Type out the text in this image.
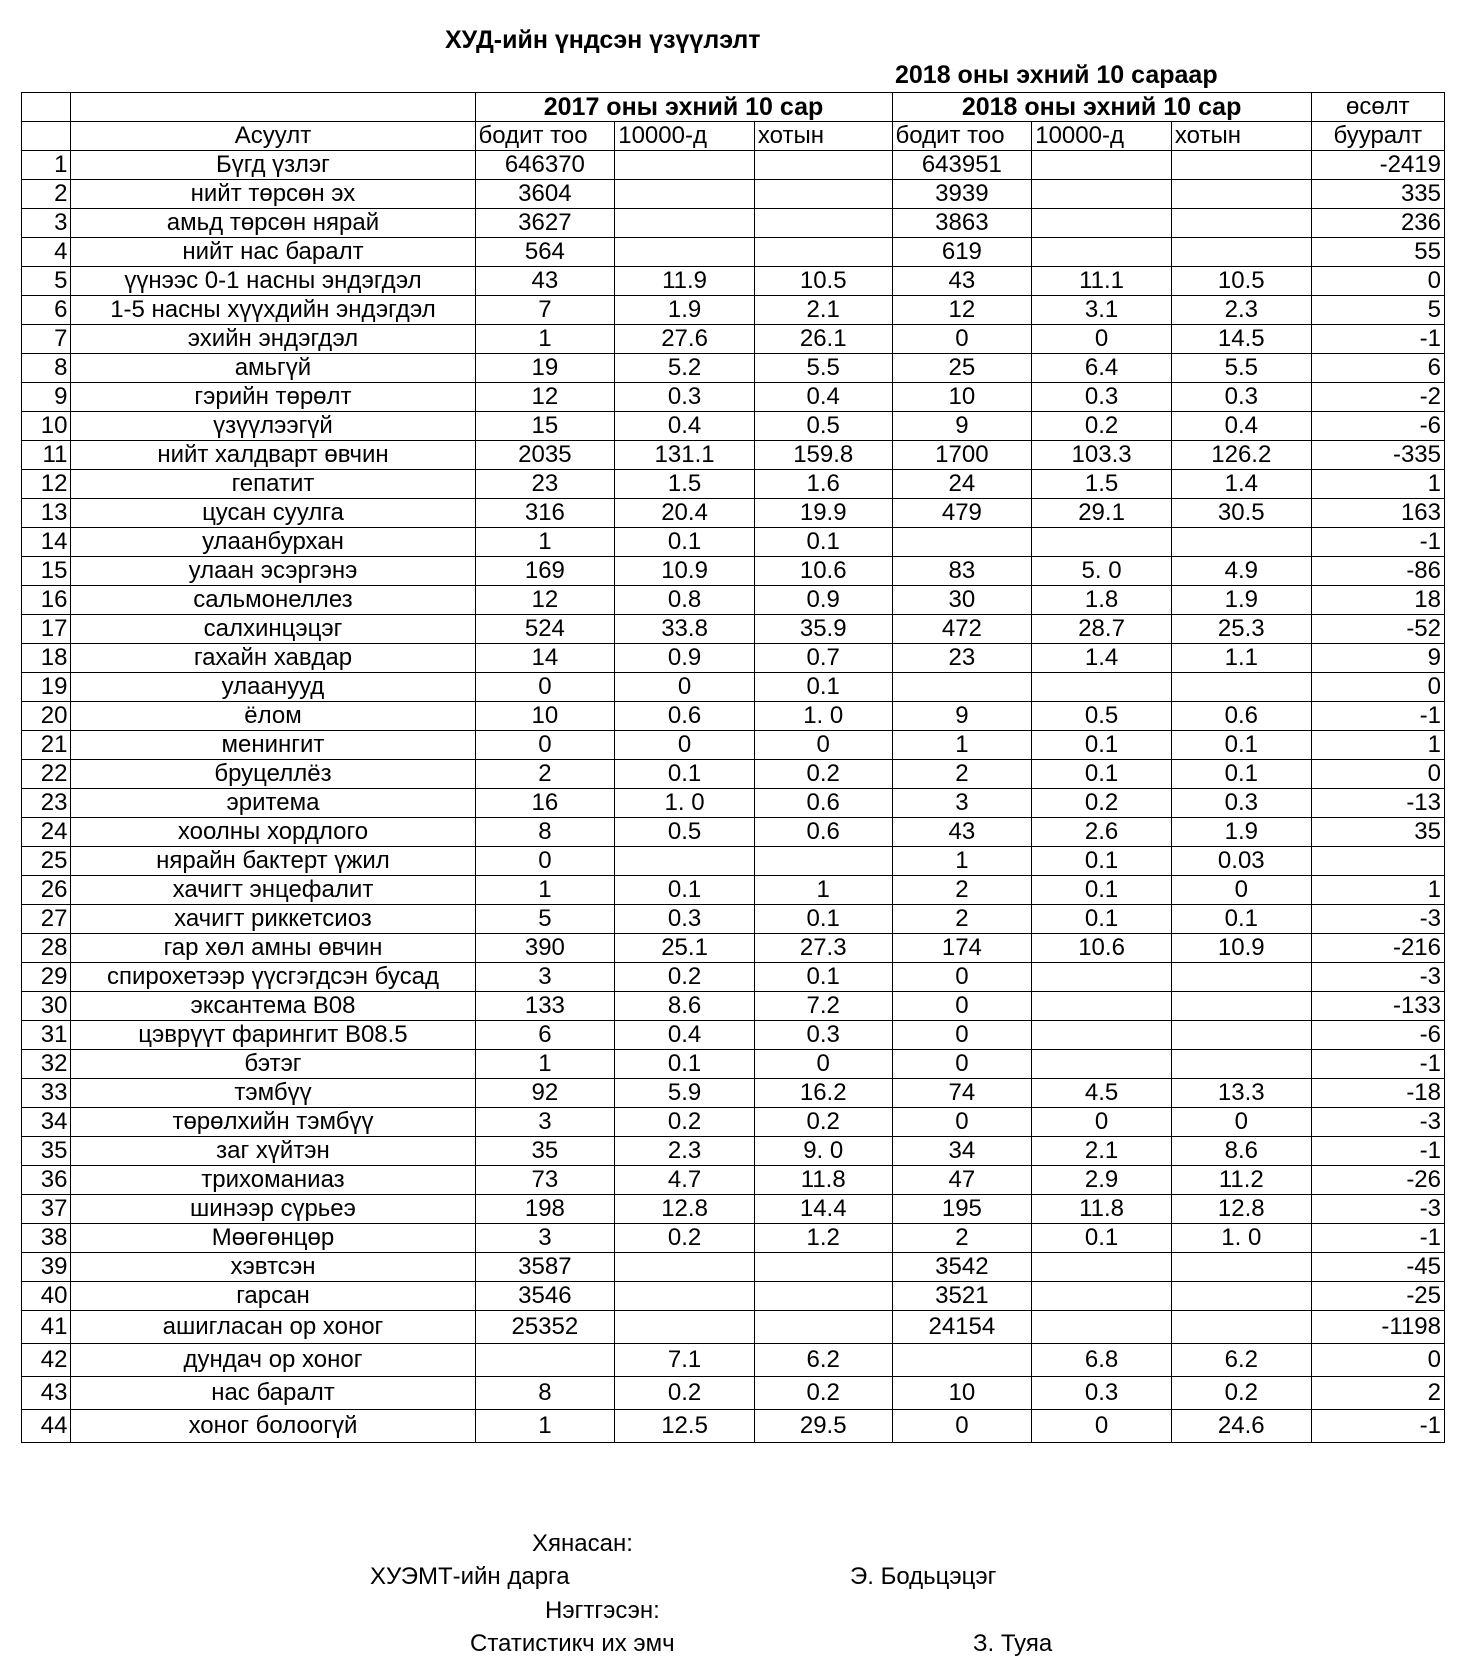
ХУД-ийн үндсэн үзүүлэлт
2018 оны эхний 10 сараар
		2017 оны эхний 10 сар			2018 оны эхний 10 сар			өсөлт
	Асуулт	бодит тоо	10000-д	хотын	бодит тоо	10000-д	хотын	бууралт
1	Бүгд үзлэг	646370			643951			-2419
2	нийт төрсөн эх	3604			3939			335
3	амьд төрсөн нярай	3627			3863			236
4	нийт нас баралт	564			619			55
5	үүнээс 0-1 насны эндэгдэл	43	11.9	10.5	43	11.1	10.5	0
6	1-5 насны хүүхдийн эндэгдэл	7	1.9	2.1	12	3.1	2.3	5
7	эхийн эндэгдэл	1	27.6	26.1	0	0	14.5	-1
8	амьгүй	19	5.2	5.5	25	6.4	5.5	6
9	гэрийн төрөлт	12	0.3	0.4	10	0.3	0.3	-2
10	үзүүлээгүй	15	0.4	0.5	9	0.2	0.4	-6
11	нийт халдварт өвчин	2035	131.1	159.8	1700	103.3	126.2	-335
12	гепатит	23	1.5	1.6	24	1.5	1.4	1
13	цусан суулга	316	20.4	19.9	479	29.1	30.5	163
14	улаанбурхан	1	0.1	0.1				-1
15	улаан эсэргэнэ	169	10.9	10.6	83	5. 0	4.9	-86
16	сальмонеллез	12	0.8	0.9	30	1.8	1.9	18
17	салхинцэцэг	524	33.8	35.9	472	28.7	25.3	-52
18	гахайн хавдар	14	0.9	0.7	23	1.4	1.1	9
19	улаанууд	0	0	0.1				0
20	ёлом	10	0.6	1. 0	9	0.5	0.6	-1
21	менингит	0	0	0	1	0.1	0.1	1
22	бруцеллёз	2	0.1	0.2	2	0.1	0.1	0
23	эритема	16	1. 0	0.6	3	0.2	0.3	-13
24	хоолны хордлого	8	0.5	0.6	43	2.6	1.9	35
25	нярайн бактерт үжил	0			1	0.1	0.03	
26	хачигт энцефалит	1	0.1	1	2	0.1	0	1
27	хачигт риккетсиоз	5	0.3	0.1	2	0.1	0.1	-3
28	гар хөл амны өвчин	390	25.1	27.3	174	10.6	10.9	-216
29	спирохетээр үүсгэгдсэн бусад	3	0.2	0.1	0			-3
30	эксантема В08	133	8.6	7.2	0			-133
31	цэврүүт фарингит В08.5	6	0.4	0.3	0			-6
32	бэтэг	1	0.1	0	0			-1
33	тэмбүү	92	5.9	16.2	74	4.5	13.3	-18
34	төрөлхийн тэмбүү	3	0.2	0.2	0	0	0	-3
35	заг хүйтэн	35	2.3	9. 0	34	2.1	8.6	-1
36	трихоманиаз	73	4.7	11.8	47	2.9	11.2	-26
37	шинээр сүрьеэ	198	12.8	14.4	195	11.8	12.8	-3
38	Мөөгөнцөр	3	0.2	1.2	2	0.1	1. 0	-1
39	хэвтсэн	3587			3542			-45
40	гарсан	3546			3521			-25
41	ашигласан ор хоног	25352			24154			-1198
42	дундач ор хоног		7.1	6.2		6.8	6.2	0
43	нас баралт	8	0.2	0.2	10	0.3	0.2	2
44	хоног болоогүй	1	12.5	29.5	0	0	24.6	-1
Хянасан:
ХУЭМТ-ийн дарга	Э. Бодьцэцэг
Нэгтгэсэн:
Статистикч их эмч	З. Туяа
